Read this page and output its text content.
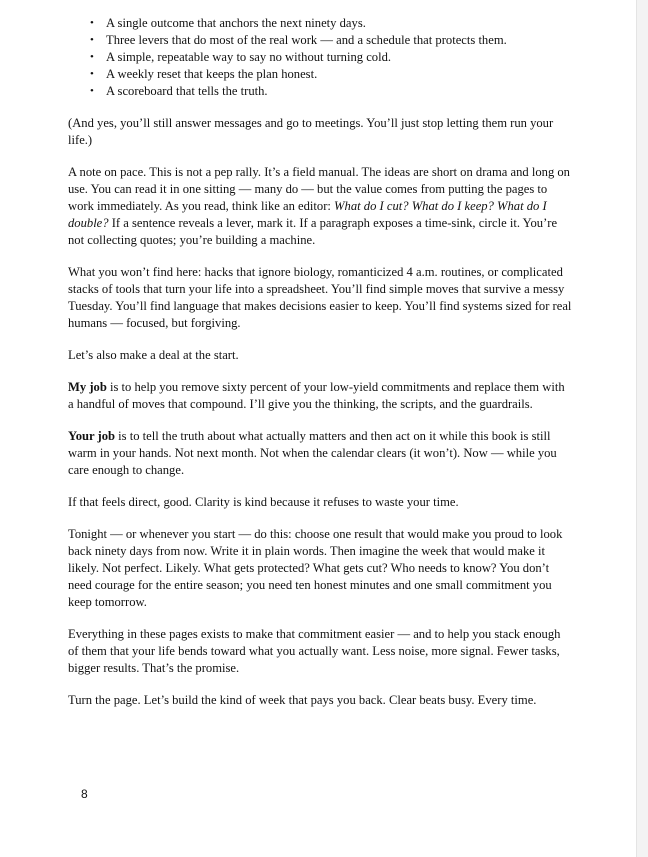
• A single outcome that anchors the next ninety days.
• Three levers that do most of the real work — and a schedule that protects them.
• A simple, repeatable way to say no without turning cold.
• A weekly reset that keeps the plan honest.
• A scoreboard that tells the truth.

(And yes, you’ll still answer messages and go to meetings. You’ll just stop letting them run your life.)

A note on pace. This is not a pep rally. It’s a field manual. The ideas are short on drama and long on use. You can read it in one sitting — many do — but the value comes from putting the pages to work immediately. As you read, think like an editor: What do I cut? What do I keep? What do I double? If a sentence reveals a lever, mark it. If a paragraph exposes a time-sink, circle it. You’re not collecting quotes; you’re building a machine.

What you won’t find here: hacks that ignore biology, romanticized 4 a.m. routines, or complicated stacks of tools that turn your life into a spreadsheet. You’ll find simple moves that survive a messy Tuesday. You’ll find language that makes decisions easier to keep. You’ll find systems sized for real humans — focused, but forgiving.

Let’s also make a deal at the start.

My job is to help you remove sixty percent of your low-yield commitments and replace them with a handful of moves that compound. I’ll give you the thinking, the scripts, and the guardrails.

Your job is to tell the truth about what actually matters and then act on it while this book is still warm in your hands. Not next month. Not when the calendar clears (it won’t). Now — while you care enough to change.

If that feels direct, good. Clarity is kind because it refuses to waste your time.

Tonight — or whenever you start — do this: choose one result that would make you proud to look back ninety days from now. Write it in plain words. Then imagine the week that would make it likely. Not perfect. Likely. What gets protected? What gets cut? Who needs to know? You don’t need courage for the entire season; you need ten honest minutes and one small commitment you keep tomorrow.

Everything in these pages exists to make that commitment easier — and to help you stack enough of them that your life bends toward what you actually want. Less noise, more signal. Fewer tasks, bigger results. That’s the promise.

Turn the page. Let’s build the kind of week that pays you back. Clear beats busy. Every time.

8
